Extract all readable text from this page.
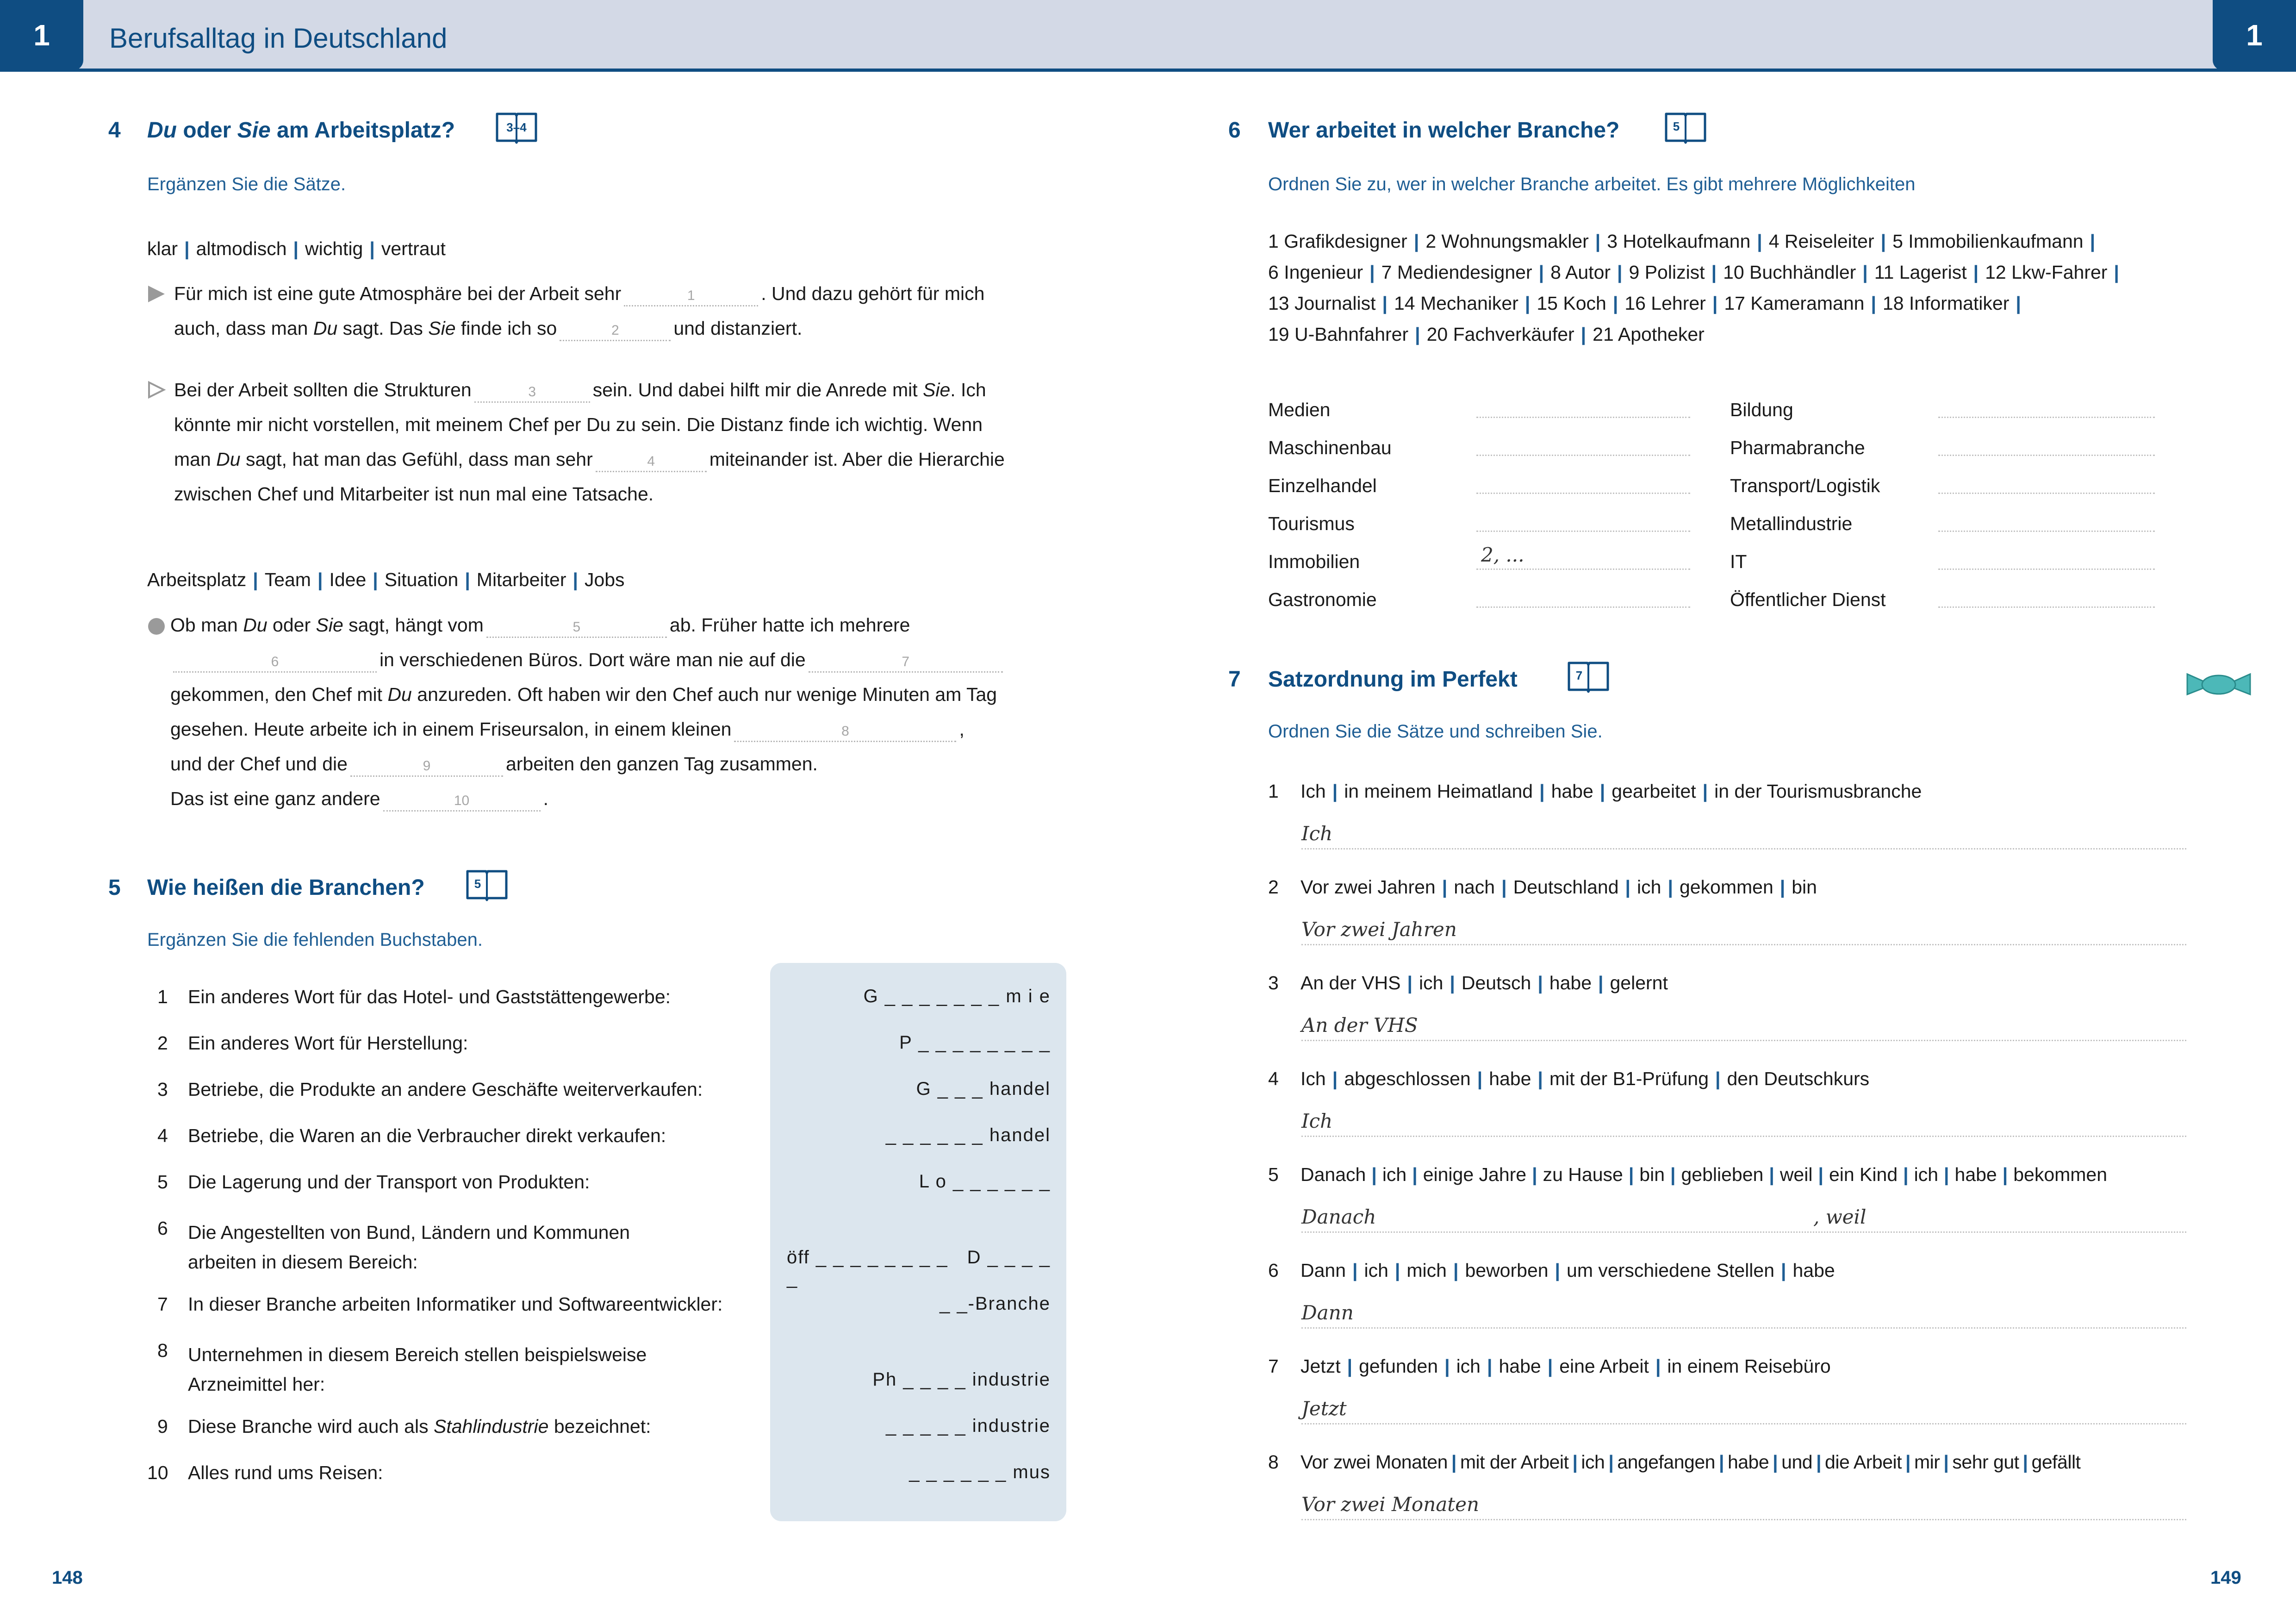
1	1
Berufsalltag in Deutschland
4 Du oder Sie am Arbeitsplatz?	3–4
Ergänzen Sie die Sätze.
klar | altmodisch | wichtig | vertraut
Für mich ist eine gute Atmosphäre bei der Arbeit sehr	1	. Und dazu gehört für mich
auch, dass man Du sagt. Das Sie finde ich so	2	und distanziert.
Bei der Arbeit sollten die Strukturen	3	sein. Und dabei hilft mir die Anrede mit Sie. Ich
könnte mir nicht vorstellen, mit meinem Chef per Du zu sein. Die Distanz finde ich wichtig. Wenn
man Du sagt, hat man das Gefühl, dass man sehr	4	miteinander ist. Aber die Hierarchie
zwischen Chef und Mitarbeiter ist nun mal eine Tatsache.
Arbeitsplatz | Team | Idee | Situation | Mitarbeiter | Jobs
Ob man Du oder Sie sagt, hängt vom	5	ab. Früher hatte ich mehrere
6	in verschiedenen Büros. Dort wäre man nie auf die	7
gekommen, den Chef mit Du anzureden. Oft haben wir den Chef auch nur wenige Minuten am Tag
gesehen. Heute arbeite ich in einem Friseursalon, in einem kleinen	8	,
und der Chef und die	9	arbeiten den ganzen Tag zusammen.
Das ist eine ganz andere	10	.
5 Wie heißen die Branchen?	5
Ergänzen Sie die fehlenden Buchstaben.
1 Ein anderes Wort für das Hotel- und Gaststättengewerbe:	G _ _ _ _ _ _ _ m i e
2 Ein anderes Wort für Herstellung:	P _ _ _ _ _ _ _ _
3 Betriebe, die Produkte an andere Geschäfte weiterverkaufen:	G _ _ _ handel
4 Betriebe, die Waren an die Verbraucher direkt verkaufen:	_ _ _ _ _ _ handel
5 Die Lagerung und der Transport von Produkten:	L o _ _ _ _ _ _
6 Die Angestellten von Bund, Ländern und Kommunen
arbeiten in diesem Bereich:	öff _ _ _ _ _ _ _ _ _
D _ _ _ _
7 In dieser Branche arbeiten Informatiker und Softwareentwickler:	_ _-Branche
8 Unternehmen in diesem Bereich stellen beispielsweise
Arzneimittel her:	Ph _ _ _ _ industrie
9 Diese Branche wird auch als Stahlindustrie bezeichnet:	_ _ _ _ _ industrie
10 Alles rund ums Reisen:	_ _ _ _ _ _ mus
148	149
6 Wer arbeitet in welcher Branche?	5
Ordnen Sie zu, wer in welcher Branche arbeitet. Es gibt mehrere Möglichkeiten
1 Grafikdesigner | 2 Wohnungsmakler | 3 Hotelkaufmann | 4 Reiseleiter | 5 Immobilienkaufmann |
6 Ingenieur | 7 Mediendesigner | 8 Autor | 9 Polizist | 10 Buchhändler | 11 Lagerist | 12 Lkw-Fahrer |
13 Journalist | 14 Mechaniker | 15 Koch | 16 Lehrer | 17 Kameramann | 18 Informatiker |
19 U-Bahnfahrer | 20 Fachverkäufer | 21 Apotheker
Medien
Maschinenbau
Einzelhandel
Tourismus
Immobilien	2, ...
Gastronomie
Bildung
Pharmabranche
Transport/Logistik
Metallindustrie
IT
Öffentlicher Dienst
7 Satzordnung im Perfekt	7
Ordnen Sie die Sätze und schreiben Sie.
1 Ich | in meinem Heimatland | habe | gearbeitet | in der Tourismusbranche
Ich
2 Vor zwei Jahren | nach | Deutschland | ich | gekommen | bin
Vor zwei Jahren
3 An der VHS | ich | Deutsch | habe | gelernt
An der VHS
4 Ich | abgeschlossen | habe | mit der B1-Prüfung | den Deutschkurs
Ich
5 Danach | ich | einige Jahre | zu Hause | bin | geblieben | weil | ein Kind | ich | habe | bekommen
Danach	, weil
6 Dann | ich | mich | beworben | um verschiedene Stellen | habe
Dann
7 Jetzt | gefunden | ich | habe | eine Arbeit | in einem Reisebüro
Jetzt
8 Vor zwei Monaten | mit der Arbeit | ich | angefangen | habe | und | die Arbeit | mir | sehr gut | gefällt
Vor zwei Monaten
